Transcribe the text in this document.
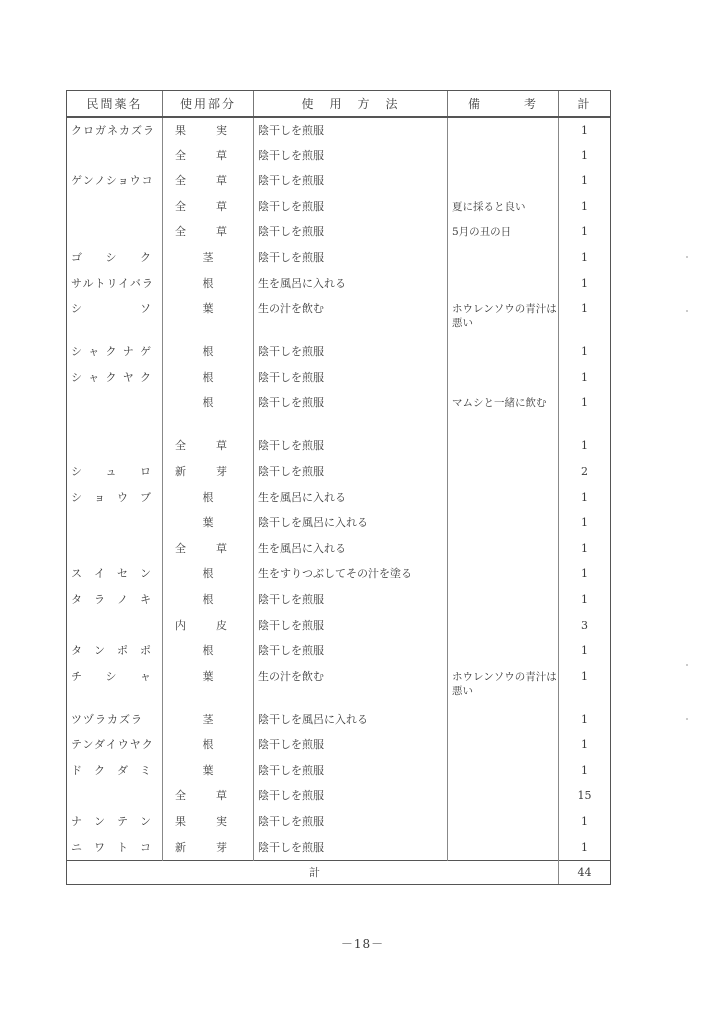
民間薬名	使用部分	使　用　方　法	備　　　考	計
クロガネカズラ	果 実	陰干しを煎服		1

	全 草	陰干しを煎服		1
ゲンノショウコ	全 草	陰干しを煎服		1

	全 草	陰干しを煎服	夏に採ると良い	1

	全 草	陰干しを煎服	5月の丑の日	1

ゴ シ ク	茎	陰干しを煎服		1
サルトリイバラ	根	生を風呂に入れる		1

シ ソ	葉	生の汁を飲む	ホウレンソウの青汁は悪い	1

シ ャ ク ナ ゲ	根	陰干しを煎服		1

シ ャ ク ヤ ク	根	陰干しを煎服		1
	根	陰干しを煎服	マムシと一緒に飲む	1

	全 草	陰干しを煎服		1

シ ュ ロ	新 芽	陰干しを煎服		2

シ ョ ウ ブ	根	生を風呂に入れる		1
	葉	陰干しを風呂に入れる		1

	全 草	生を風呂に入れる		1

ス イ セ ン	根	生をすりつぶしてその汁を塗る		1

タ ラ ノ キ	根	陰干しを煎服		1

	内 皮	陰干しを煎服		3

タ ン ポ ポ	根	陰干しを煎服		1

チ シ ャ	葉	生の汁を飲む	ホウレンソウの青汁は悪い	1
ツヅラカズラ	茎	陰干しを風呂に入れる		1
テンダイウヤク	根	陰干しを煎服		1

ド ク ダ ミ	葉	陰干しを煎服		1

	全 草	陰干しを煎服		15

ナ ン テ ン	果 実	陰干しを煎服		1

ニ ワ ト コ	新 芽	陰干しを煎服		1
計				44
－18－
